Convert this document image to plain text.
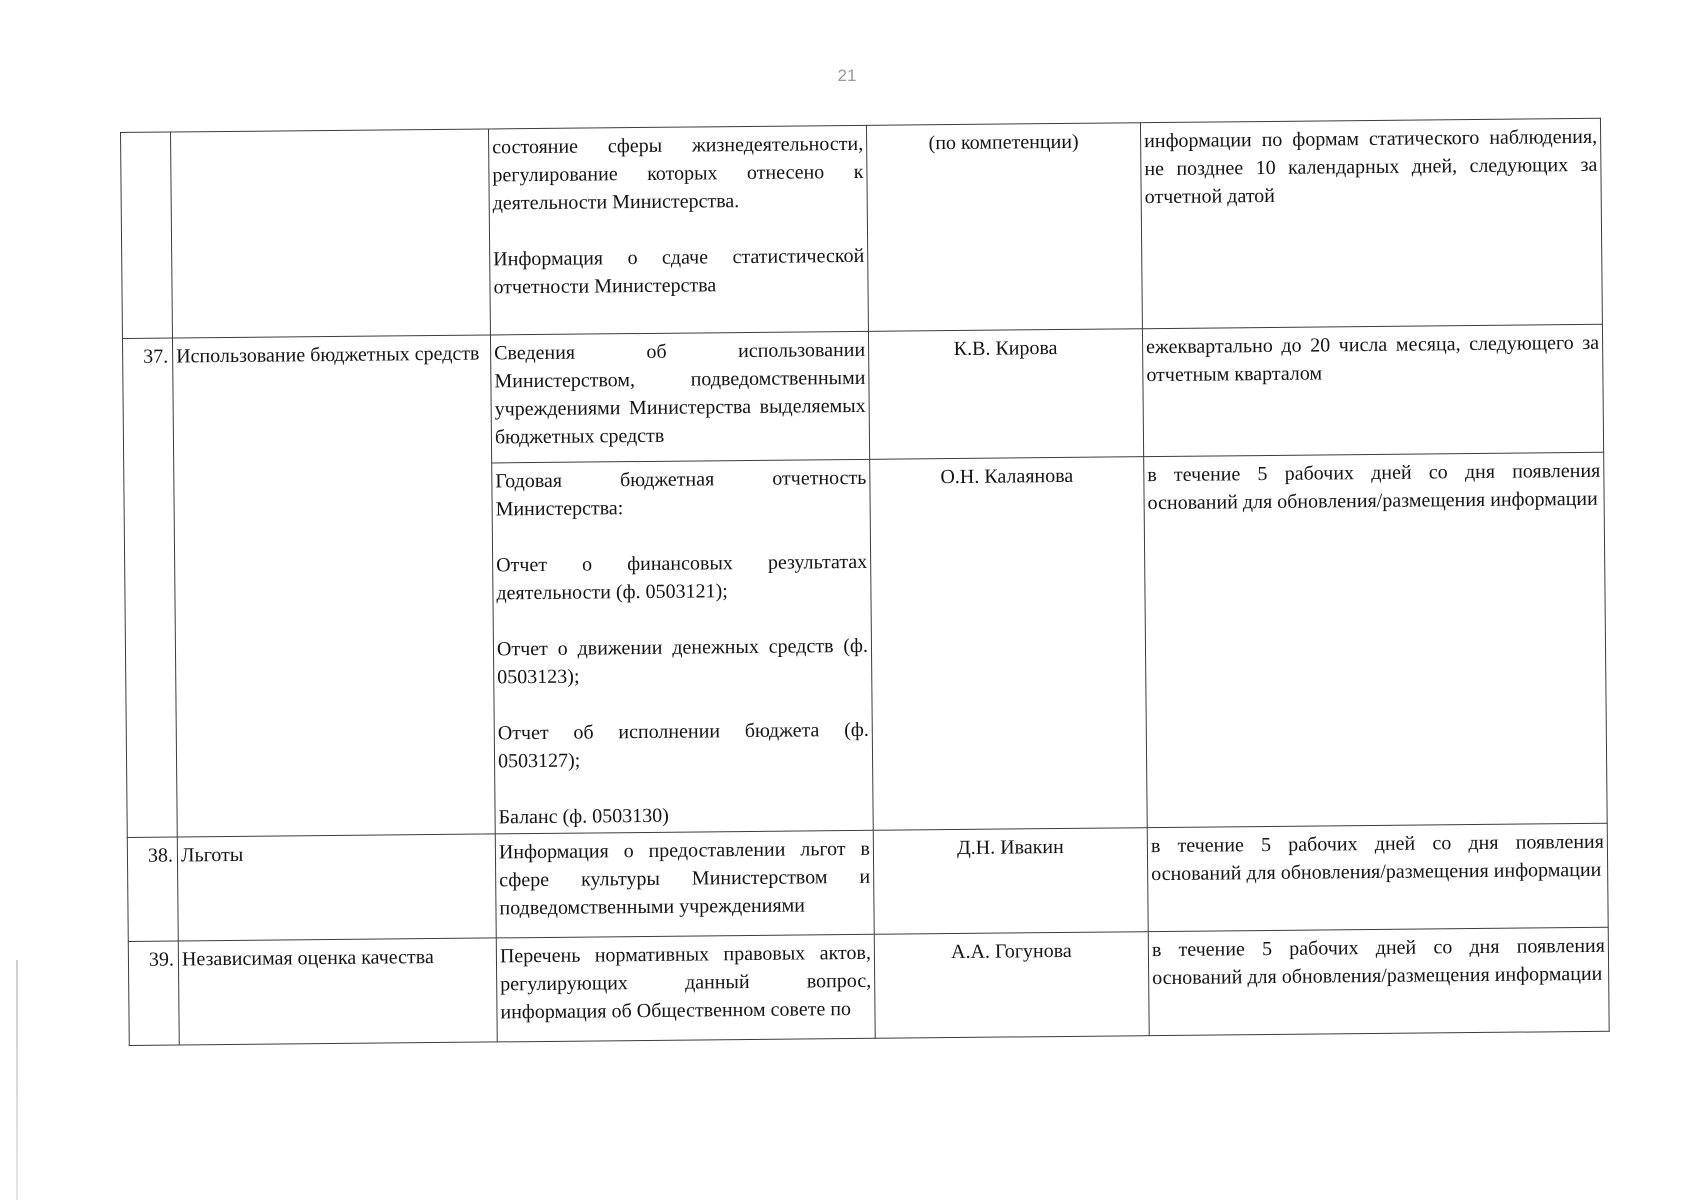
21

		состояние сферы жизнедеятельности, регулирование которых отнесено к деятельности Министерства.

Информация о сдаче статистической отчетности Министерства	(по компетенции)	информации по формам статического наблюдения, не позднее 10 календарных дней, следующих за отчетной датой
37.	Использование бюджетных средств	Сведения об использовании Министерством, подведомственными учреждениями Министерства выделяемых бюджетных средств	К.В. Кирова	ежеквартально до 20 числа месяца, следующего за отчетным кварталом

		Годовая бюджетная отчетность Министерства:

Отчет о финансовых результатах деятельности (ф. 0503121);

Отчет о движении денежных средств (ф. 0503123);

Отчет об исполнении бюджета (ф. 0503127);

Баланс (ф. 0503130)	О.Н. Калаянова	в течение 5 рабочих дней со дня появления оснований для обновления/размещения информации
38.	Льготы	Информация о предоставлении льгот в сфере культуры Министерством и подведомственными учреждениями	Д.Н. Ивакин	в течение 5 рабочих дней со дня появления оснований для обновления/размещения информации
39.	Независимая оценка качества	Перечень нормативных правовых актов, регулирующих данный вопрос, информация об Общественном совете по	А.А. Гогунова	в течение 5 рабочих дней со дня появления оснований для обновления/размещения информации
